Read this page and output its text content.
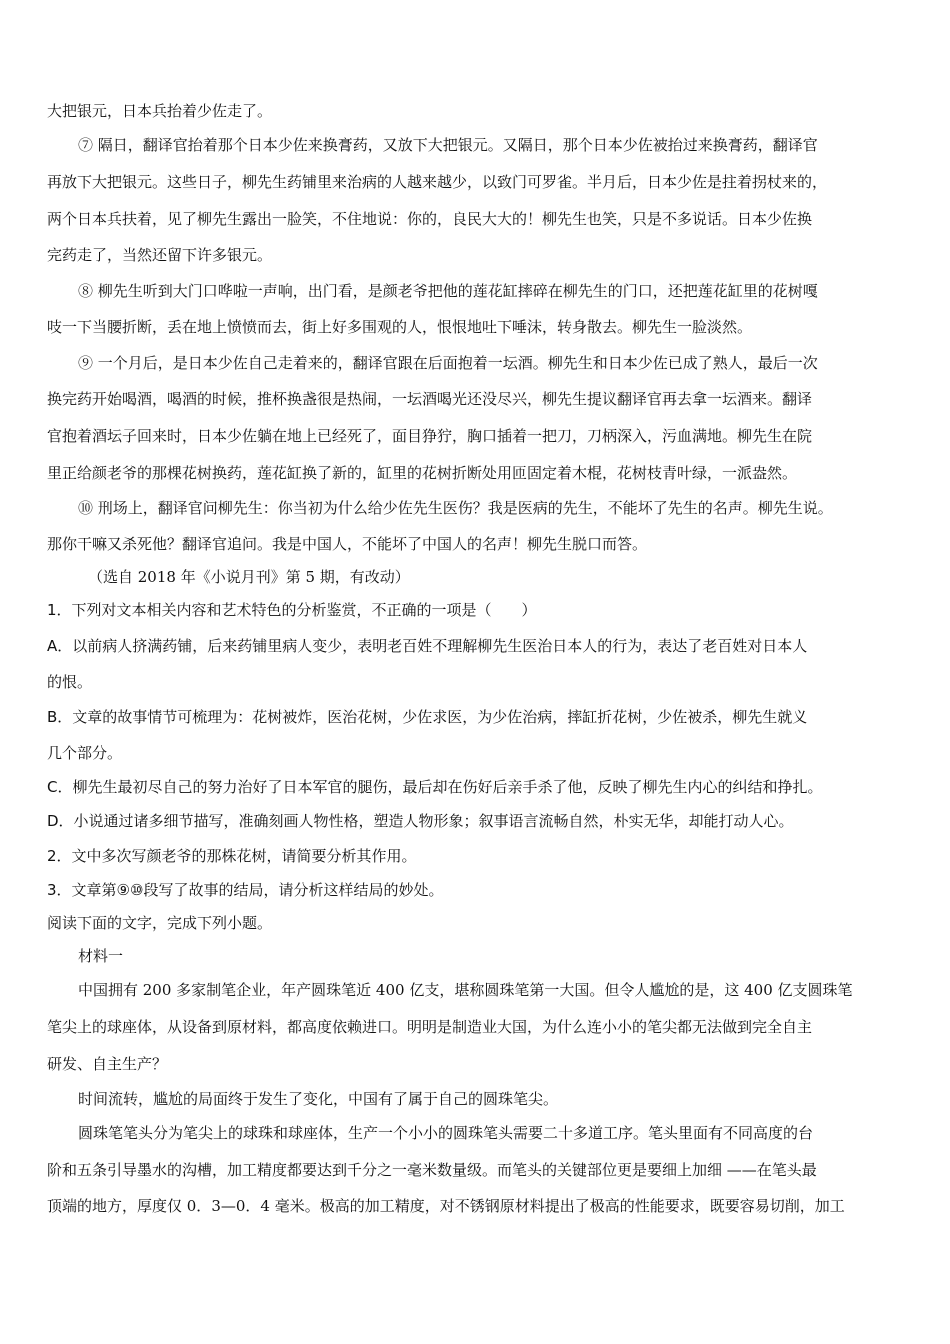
大把银元，日本兵抬着少佐走了。
⑦ 隔日，翻译官抬着那个日本少佐来换膏药，又放下大把银元。又隔日，那个日本少佐被抬过来换膏药，翻译官
再放下大把银元。这些日子，柳先生药铺里来治病的人越来越少，以致门可罗雀。半月后，日本少佐是拄着拐杖来的，
两个日本兵扶着，见了柳先生露出一脸笑，不住地说：你的，良民大大的！柳先生也笑，只是不多说话。日本少佐换
完药走了，当然还留下许多银元。
⑧ 柳先生听到大门口哗啦一声响，出门看，是颜老爷把他的莲花缸摔碎在柳先生的门口，还把莲花缸里的花树嘎
吱一下当腰折断，丢在地上愤愤而去，街上好多围观的人，恨恨地吐下唾沫，转身散去。柳先生一脸淡然。
⑨ 一个月后，是日本少佐自己走着来的，翻译官跟在后面抱着一坛酒。柳先生和日本少佐已成了熟人，最后一次
换完药开始喝酒，喝酒的时候，推杯换盏很是热闹，一坛酒喝光还没尽兴，柳先生提议翻译官再去拿一坛酒来。翻译
官抱着酒坛子回来时，日本少佐躺在地上已经死了，面目狰狞，胸口插着一把刀，刀柄深入，污血满地。柳先生在院
里正给颜老爷的那棵花树换药，莲花缸换了新的，缸里的花树折断处用匝固定着木棍，花树枝青叶绿，一派盎然。
⑩ 刑场上，翻译官问柳先生：你当初为什么给少佐先生医伤？我是医病的先生，不能坏了先生的名声。柳先生说。
那你干嘛又杀死他？翻译官追问。我是中国人，不能坏了中国人的名声！柳先生脱口而答。
（选自 2018 年《小说月刊》第 5 期，有改动）
1．下列对文本相关内容和艺术特色的分析鉴赏，不正确的一项是（　　）
A．以前病人挤满药铺，后来药铺里病人变少，表明老百姓不理解柳先生医治日本人的行为，表达了老百姓对日本人
的恨。
B．文章的故事情节可梳理为：花树被炸，医治花树，少佐求医，为少佐治病，摔缸折花树，少佐被杀，柳先生就义
几个部分。
C．柳先生最初尽自己的努力治好了日本军官的腿伤，最后却在伤好后亲手杀了他，反映了柳先生内心的纠结和挣扎。
D．小说通过诸多细节描写，准确刻画人物性格，塑造人物形象；叙事语言流畅自然，朴实无华，却能打动人心。
2．文中多次写颜老爷的那株花树，请简要分析其作用。
3．文章第⑨⑩段写了故事的结局，请分析这样结局的妙处。
阅读下面的文字，完成下列小题。
材料一
中国拥有 200 多家制笔企业，年产圆珠笔近 400 亿支，堪称圆珠笔第一大国。但令人尴尬的是，这 400 亿支圆珠笔
笔尖上的球座体，从设备到原材料，都高度依赖进口。明明是制造业大国，为什么连小小的笔尖都无法做到完全自主
研发、自主生产？
时间流转，尴尬的局面终于发生了变化，中国有了属于自己的圆珠笔尖。
圆珠笔笔头分为笔尖上的球珠和球座体，生产一个小小的圆珠笔头需要二十多道工序。笔头里面有不同高度的台
阶和五条引导墨水的沟槽，加工精度都要达到千分之一毫米数量级。而笔头的关键部位更是要细上加细 ——在笔头最
顶端的地方，厚度仅 0．3—0．4 毫米。极高的加工精度，对不锈钢原材料提出了极高的性能要求，既要容易切削，加工
